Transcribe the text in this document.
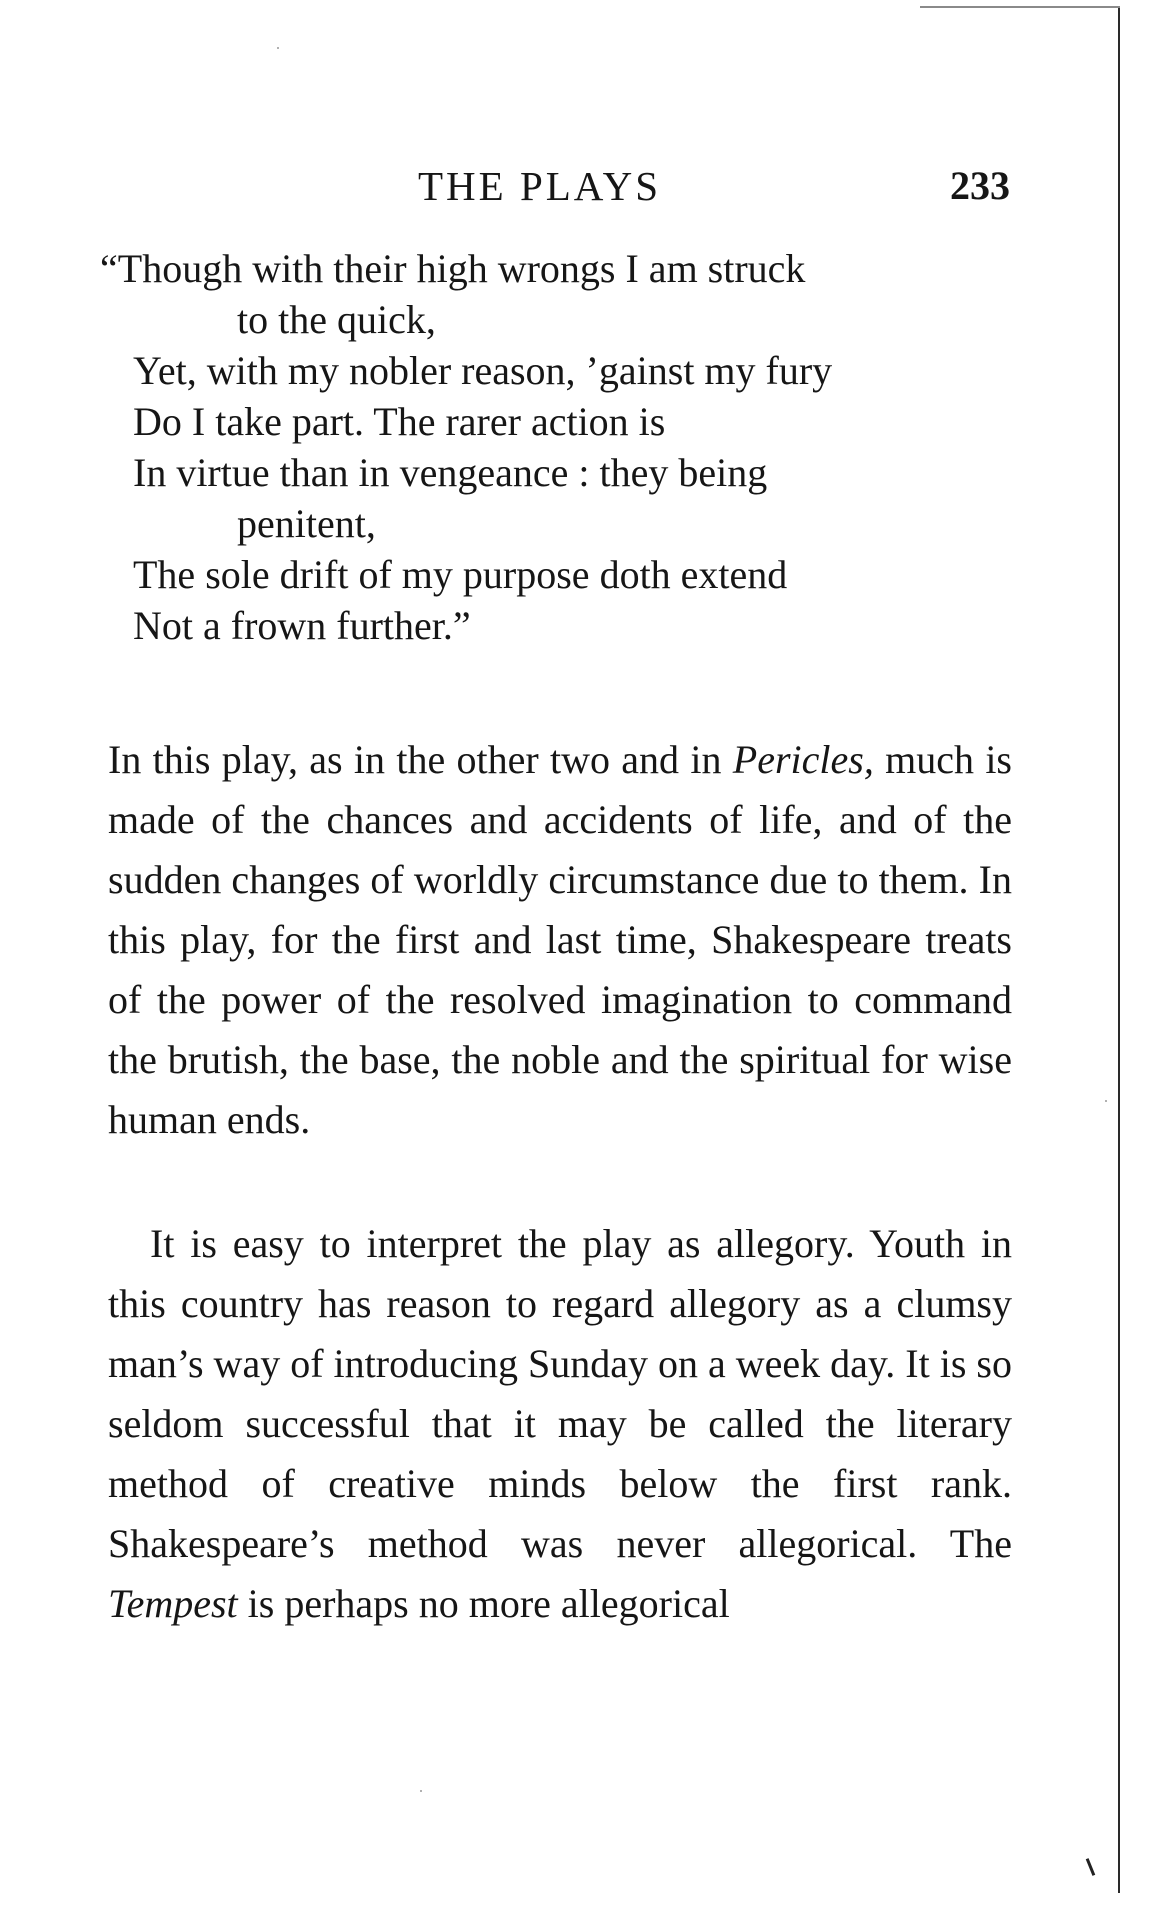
THE PLAYS	233
“Though with their high wrongs I am struck
to the quick,
Yet, with my nobler reason, ’gainst my fury
Do I take part. The rarer action is
In virtue than in vengeance : they being
penitent,
The sole drift of my purpose doth extend
Not a frown further.”

In this play, as in the other two and in Pericles, much is made of the chances and accidents of life, and of the sudden changes of worldly circumstance due to them. In this play, for the first and last time, Shakespeare treats of the power of the resolved imagination to command the brutish, the base, the noble and the spiritual for wise human ends.

It is easy to interpret the play as allegory. Youth in this country has reason to regard allegory as a clumsy man’s way of introducing Sunday on a week day. It is so seldom successful that it may be called the literary method of creative minds below the first rank. Shakespeare’s method was never allegorical. The Tempest is perhaps no more allegorical
